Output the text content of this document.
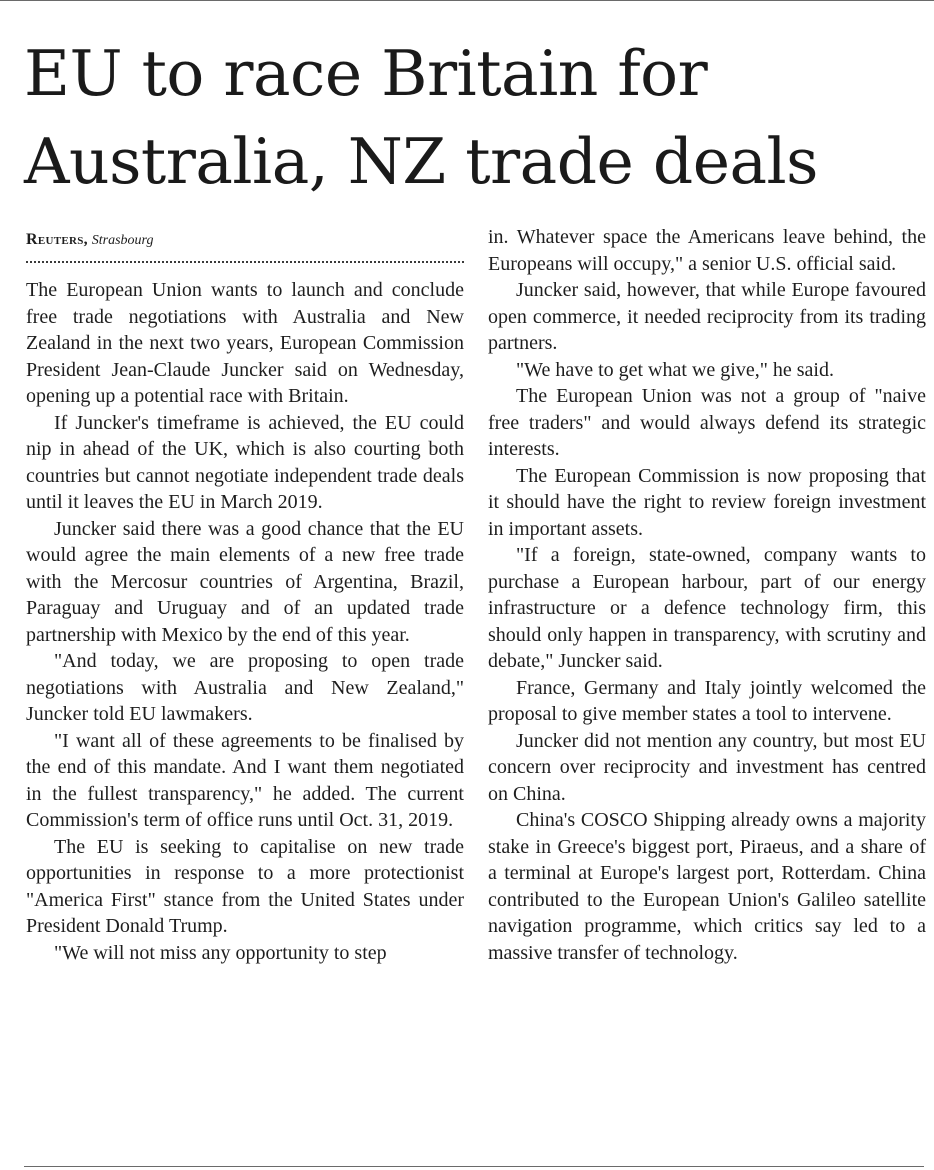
EU to race Britain for Australia, NZ trade deals
Reuters, Strasbourg

The European Union wants to launch and conclude free trade negotiations with Australia and New Zealand in the next two years, European Commission President Jean-Claude Juncker said on Wednesday, opening up a potential race with Britain.

If Juncker's timeframe is achieved, the EU could nip in ahead of the UK, which is also courting both countries but cannot negotiate independent trade deals until it leaves the EU in March 2019.

Juncker said there was a good chance that the EU would agree the main elements of a new free trade with the Mercosur countries of Argentina, Brazil, Paraguay and Uruguay and of an updated trade partnership with Mexico by the end of this year.

"And today, we are proposing to open trade negotiations with Australia and New Zealand," Juncker told EU lawmakers.

"I want all of these agreements to be finalised by the end of this mandate. And I want them negotiated in the fullest transparency," he added. The current Commission's term of office runs until Oct. 31, 2019.

The EU is seeking to capitalise on new trade opportunities in response to a more protectionist "America First" stance from the United States under President Donald Trump.

"We will not miss any opportunity to step

in. Whatever space the Americans leave behind, the Europeans will occupy," a senior U.S. official said.

Juncker said, however, that while Europe favoured open commerce, it needed reciprocity from its trading partners.

"We have to get what we give," he said.

The European Union was not a group of "naive free traders" and would always defend its strategic interests.

The European Commission is now proposing that it should have the right to review foreign investment in important assets.

"If a foreign, state-owned, company wants to purchase a European harbour, part of our energy infrastructure or a defence technology firm, this should only happen in transparency, with scrutiny and debate," Juncker said.

France, Germany and Italy jointly welcomed the proposal to give member states a tool to intervene.

Juncker did not mention any country, but most EU concern over reciprocity and investment has centred on China.

China's COSCO Shipping already owns a majority stake in Greece's biggest port, Piraeus, and a share of a terminal at Europe's largest port, Rotterdam. China contributed to the European Union's Galileo satellite navigation programme, which critics say led to a massive transfer of technology.
